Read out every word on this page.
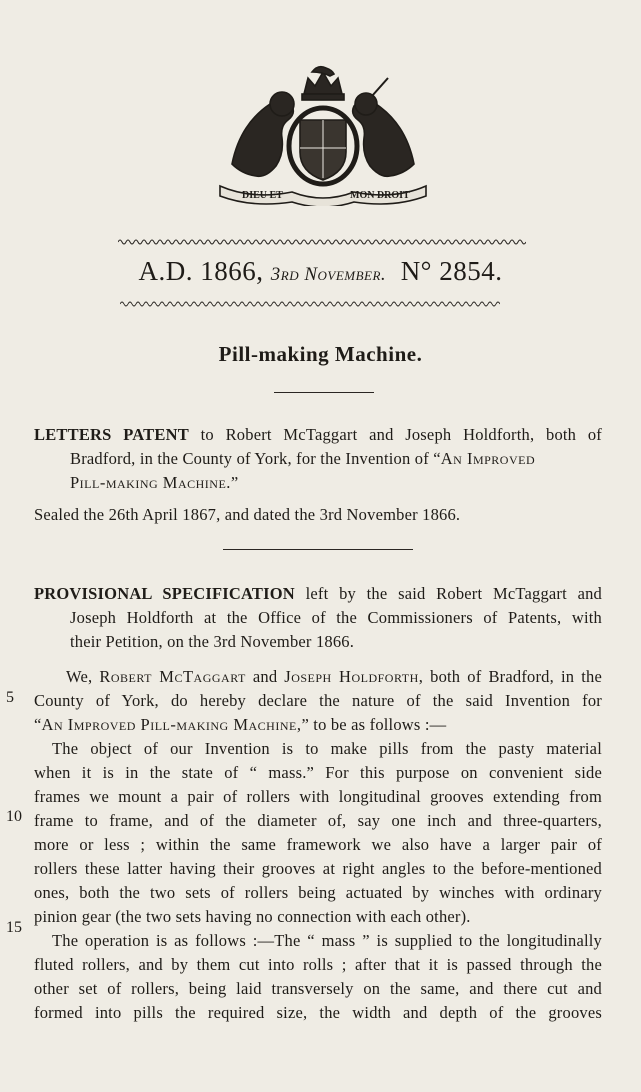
DIEU ET	MON DROIT
A.D. 1866, 3rd November. N° 2854.
Pill-making Machine.
LETTERS PATENT to Robert McTaggart and Joseph Holdforth, both of
Bradford, in the County of York, for the Invention of “An Improved
Pill-making Machine.”
Sealed the 26th April 1867, and dated the 3rd November 1866.
PROVISIONAL SPECIFICATION left by the said Robert McTaggart and
Joseph Holdforth at the Office of the Commissioners of Patents, with
their Petition, on the 3rd November 1866.
5
10
15
We, Robert McTaggart and Joseph Holdforth, both of Bradford, in the
County of York, do hereby declare the nature of the said Invention for
“An Improved Pill-making Machine,” to be as follows :—
The object of our Invention is to make pills from the pasty material
when it is in the state of “ mass.” For this purpose on convenient side
frames we mount a pair of rollers with longitudinal grooves extending from
frame to frame, and of the diameter of, say one inch and three-quarters,
more or less ; within the same framework we also have a larger pair of
rollers these latter having their grooves at right angles to the before-mentioned
ones, both the two sets of rollers being actuated by winches with ordinary
pinion gear (the two sets having no connection with each other).
The operation is as follows :—The “ mass ” is supplied to the longitudinally
fluted rollers, and by them cut into rolls ; after that it is passed through the
other set of rollers, being laid transversely on the same, and there cut and
formed into pills the required size, the width and depth of the grooves
